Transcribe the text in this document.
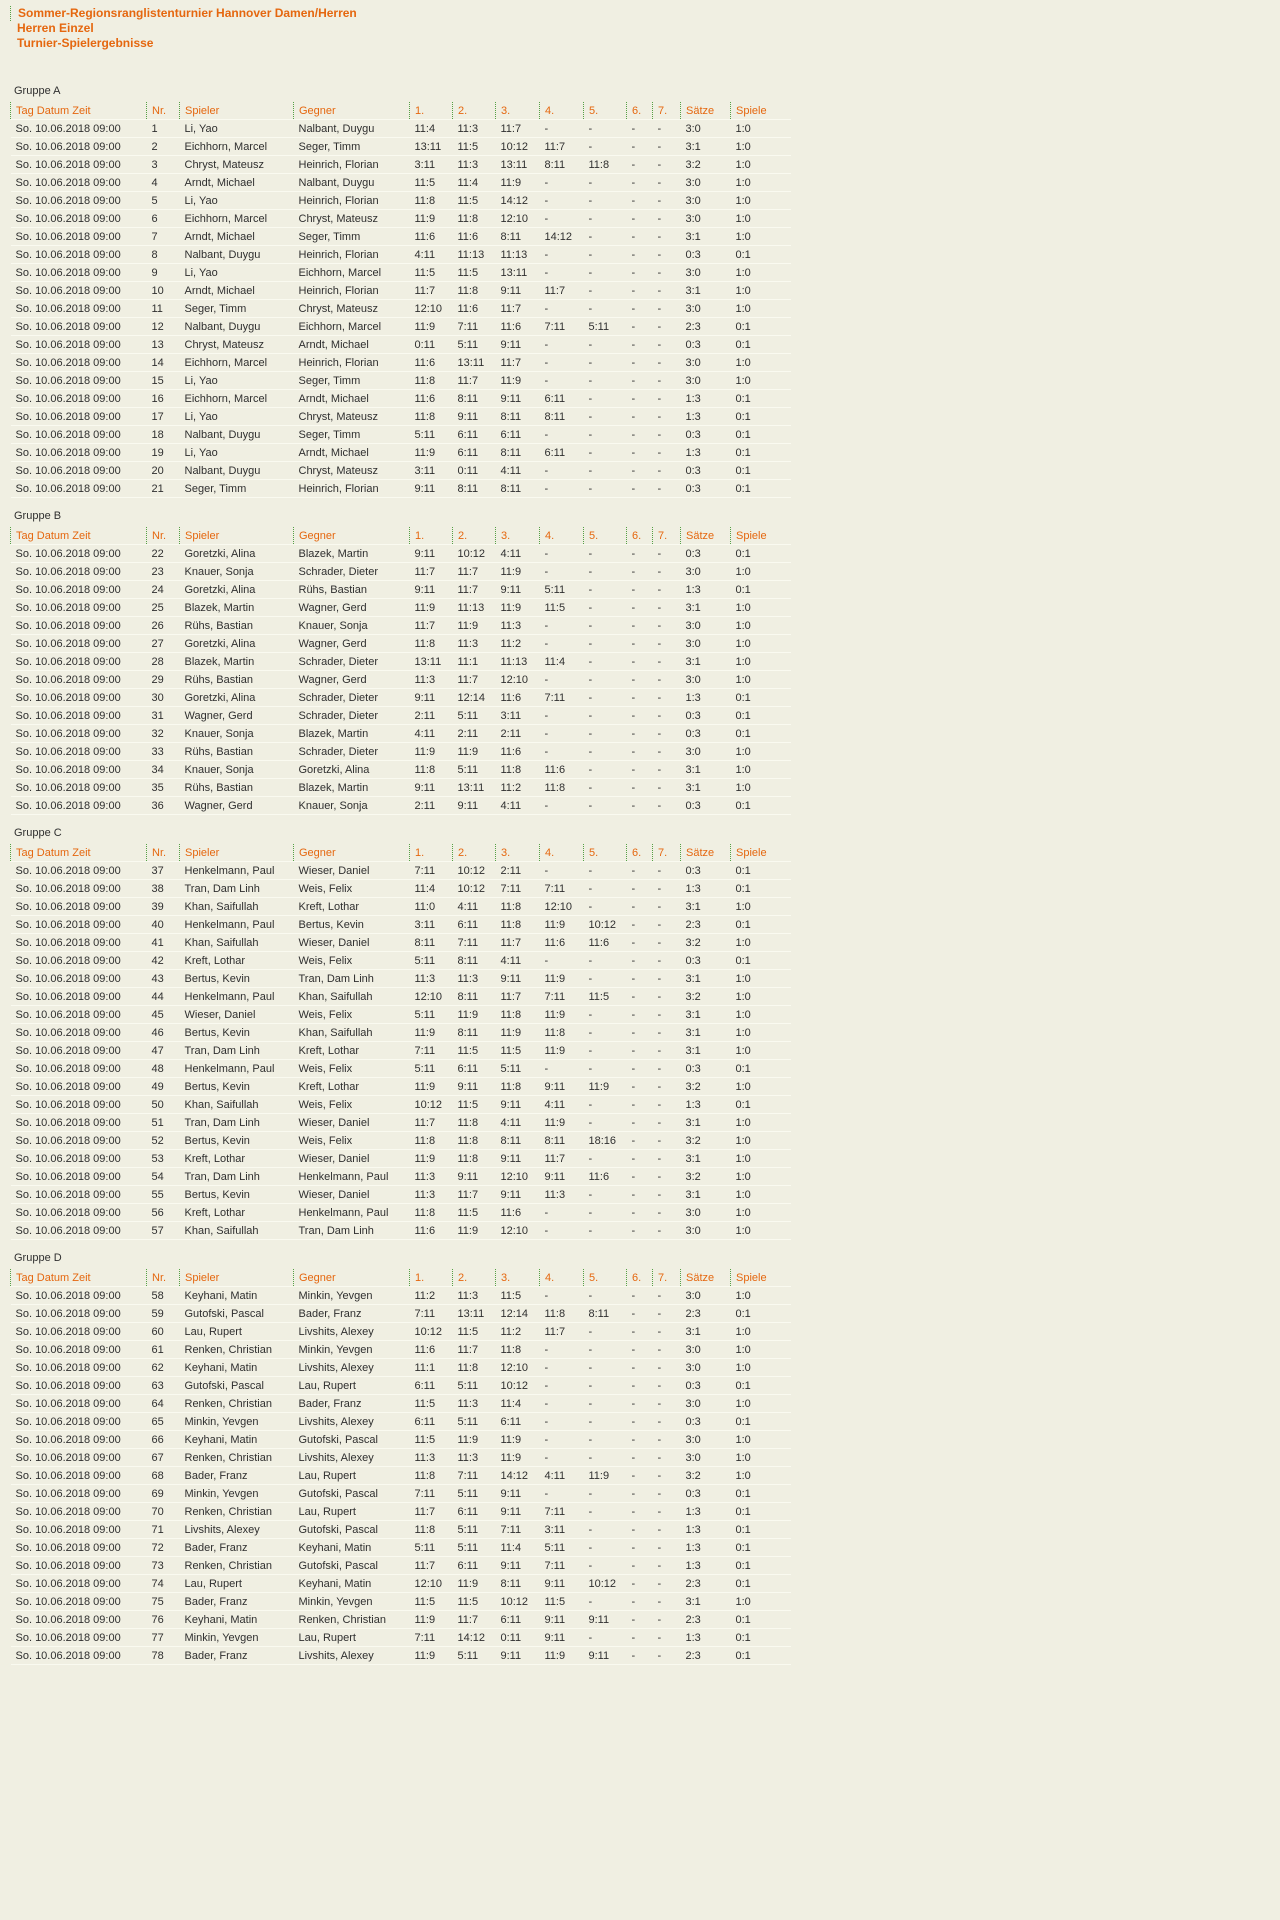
Sommer-Regionsranglistenturnier Hannover Damen/Herren
Herren Einzel
Turnier-Spielergebnisse
Gruppe A
Tag Datum Zeit	Nr.	Spieler	Gegner	1.	2.	3.	4.	5.	6.	7.	Sätze	Spiele
So. 10.06.2018 09:00	1	Li, Yao	Nalbant, Duygu	11:4	11:3	11:7	-	-	-	-	3:0	1:0
So. 10.06.2018 09:00	2	Eichhorn, Marcel	Seger, Timm	13:11	11:5	10:12	11:7	-	-	-	3:1	1:0
So. 10.06.2018 09:00	3	Chryst, Mateusz	Heinrich, Florian	3:11	11:3	13:11	8:11	11:8	-	-	3:2	1:0
So. 10.06.2018 09:00	4	Arndt, Michael	Nalbant, Duygu	11:5	11:4	11:9	-	-	-	-	3:0	1:0
So. 10.06.2018 09:00	5	Li, Yao	Heinrich, Florian	11:8	11:5	14:12	-	-	-	-	3:0	1:0
So. 10.06.2018 09:00	6	Eichhorn, Marcel	Chryst, Mateusz	11:9	11:8	12:10	-	-	-	-	3:0	1:0
So. 10.06.2018 09:00	7	Arndt, Michael	Seger, Timm	11:6	11:6	8:11	14:12	-	-	-	3:1	1:0
So. 10.06.2018 09:00	8	Nalbant, Duygu	Heinrich, Florian	4:11	11:13	11:13	-	-	-	-	0:3	0:1
So. 10.06.2018 09:00	9	Li, Yao	Eichhorn, Marcel	11:5	11:5	13:11	-	-	-	-	3:0	1:0
So. 10.06.2018 09:00	10	Arndt, Michael	Heinrich, Florian	11:7	11:8	9:11	11:7	-	-	-	3:1	1:0
So. 10.06.2018 09:00	11	Seger, Timm	Chryst, Mateusz	12:10	11:6	11:7	-	-	-	-	3:0	1:0
So. 10.06.2018 09:00	12	Nalbant, Duygu	Eichhorn, Marcel	11:9	7:11	11:6	7:11	5:11	-	-	2:3	0:1
So. 10.06.2018 09:00	13	Chryst, Mateusz	Arndt, Michael	0:11	5:11	9:11	-	-	-	-	0:3	0:1
So. 10.06.2018 09:00	14	Eichhorn, Marcel	Heinrich, Florian	11:6	13:11	11:7	-	-	-	-	3:0	1:0
So. 10.06.2018 09:00	15	Li, Yao	Seger, Timm	11:8	11:7	11:9	-	-	-	-	3:0	1:0
So. 10.06.2018 09:00	16	Eichhorn, Marcel	Arndt, Michael	11:6	8:11	9:11	6:11	-	-	-	1:3	0:1
So. 10.06.2018 09:00	17	Li, Yao	Chryst, Mateusz	11:8	9:11	8:11	8:11	-	-	-	1:3	0:1
So. 10.06.2018 09:00	18	Nalbant, Duygu	Seger, Timm	5:11	6:11	6:11	-	-	-	-	0:3	0:1
So. 10.06.2018 09:00	19	Li, Yao	Arndt, Michael	11:9	6:11	8:11	6:11	-	-	-	1:3	0:1
So. 10.06.2018 09:00	20	Nalbant, Duygu	Chryst, Mateusz	3:11	0:11	4:11	-	-	-	-	0:3	0:1
So. 10.06.2018 09:00	21	Seger, Timm	Heinrich, Florian	9:11	8:11	8:11	-	-	-	-	0:3	0:1
Gruppe B
Tag Datum Zeit	Nr.	Spieler	Gegner	1.	2.	3.	4.	5.	6.	7.	Sätze	Spiele
So. 10.06.2018 09:00	22	Goretzki, Alina	Blazek, Martin	9:11	10:12	4:11	-	-	-	-	0:3	0:1
So. 10.06.2018 09:00	23	Knauer, Sonja	Schrader, Dieter	11:7	11:7	11:9	-	-	-	-	3:0	1:0
So. 10.06.2018 09:00	24	Goretzki, Alina	Rühs, Bastian	9:11	11:7	9:11	5:11	-	-	-	1:3	0:1
So. 10.06.2018 09:00	25	Blazek, Martin	Wagner, Gerd	11:9	11:13	11:9	11:5	-	-	-	3:1	1:0
So. 10.06.2018 09:00	26	Rühs, Bastian	Knauer, Sonja	11:7	11:9	11:3	-	-	-	-	3:0	1:0
So. 10.06.2018 09:00	27	Goretzki, Alina	Wagner, Gerd	11:8	11:3	11:2	-	-	-	-	3:0	1:0
So. 10.06.2018 09:00	28	Blazek, Martin	Schrader, Dieter	13:11	11:1	11:13	11:4	-	-	-	3:1	1:0
So. 10.06.2018 09:00	29	Rühs, Bastian	Wagner, Gerd	11:3	11:7	12:10	-	-	-	-	3:0	1:0
So. 10.06.2018 09:00	30	Goretzki, Alina	Schrader, Dieter	9:11	12:14	11:6	7:11	-	-	-	1:3	0:1
So. 10.06.2018 09:00	31	Wagner, Gerd	Schrader, Dieter	2:11	5:11	3:11	-	-	-	-	0:3	0:1
So. 10.06.2018 09:00	32	Knauer, Sonja	Blazek, Martin	4:11	2:11	2:11	-	-	-	-	0:3	0:1
So. 10.06.2018 09:00	33	Rühs, Bastian	Schrader, Dieter	11:9	11:9	11:6	-	-	-	-	3:0	1:0
So. 10.06.2018 09:00	34	Knauer, Sonja	Goretzki, Alina	11:8	5:11	11:8	11:6	-	-	-	3:1	1:0
So. 10.06.2018 09:00	35	Rühs, Bastian	Blazek, Martin	9:11	13:11	11:2	11:8	-	-	-	3:1	1:0
So. 10.06.2018 09:00	36	Wagner, Gerd	Knauer, Sonja	2:11	9:11	4:11	-	-	-	-	0:3	0:1
Gruppe C
Tag Datum Zeit	Nr.	Spieler	Gegner	1.	2.	3.	4.	5.	6.	7.	Sätze	Spiele
So. 10.06.2018 09:00	37	Henkelmann, Paul	Wieser, Daniel	7:11	10:12	2:11	-	-	-	-	0:3	0:1
So. 10.06.2018 09:00	38	Tran, Dam Linh	Weis, Felix	11:4	10:12	7:11	7:11	-	-	-	1:3	0:1
So. 10.06.2018 09:00	39	Khan, Saifullah	Kreft, Lothar	11:0	4:11	11:8	12:10	-	-	-	3:1	1:0
So. 10.06.2018 09:00	40	Henkelmann, Paul	Bertus, Kevin	3:11	6:11	11:8	11:9	10:12	-	-	2:3	0:1
So. 10.06.2018 09:00	41	Khan, Saifullah	Wieser, Daniel	8:11	7:11	11:7	11:6	11:6	-	-	3:2	1:0
So. 10.06.2018 09:00	42	Kreft, Lothar	Weis, Felix	5:11	8:11	4:11	-	-	-	-	0:3	0:1
So. 10.06.2018 09:00	43	Bertus, Kevin	Tran, Dam Linh	11:3	11:3	9:11	11:9	-	-	-	3:1	1:0
So. 10.06.2018 09:00	44	Henkelmann, Paul	Khan, Saifullah	12:10	8:11	11:7	7:11	11:5	-	-	3:2	1:0
So. 10.06.2018 09:00	45	Wieser, Daniel	Weis, Felix	5:11	11:9	11:8	11:9	-	-	-	3:1	1:0
So. 10.06.2018 09:00	46	Bertus, Kevin	Khan, Saifullah	11:9	8:11	11:9	11:8	-	-	-	3:1	1:0
So. 10.06.2018 09:00	47	Tran, Dam Linh	Kreft, Lothar	7:11	11:5	11:5	11:9	-	-	-	3:1	1:0
So. 10.06.2018 09:00	48	Henkelmann, Paul	Weis, Felix	5:11	6:11	5:11	-	-	-	-	0:3	0:1
So. 10.06.2018 09:00	49	Bertus, Kevin	Kreft, Lothar	11:9	9:11	11:8	9:11	11:9	-	-	3:2	1:0
So. 10.06.2018 09:00	50	Khan, Saifullah	Weis, Felix	10:12	11:5	9:11	4:11	-	-	-	1:3	0:1
So. 10.06.2018 09:00	51	Tran, Dam Linh	Wieser, Daniel	11:7	11:8	4:11	11:9	-	-	-	3:1	1:0
So. 10.06.2018 09:00	52	Bertus, Kevin	Weis, Felix	11:8	11:8	8:11	8:11	18:16	-	-	3:2	1:0
So. 10.06.2018 09:00	53	Kreft, Lothar	Wieser, Daniel	11:9	11:8	9:11	11:7	-	-	-	3:1	1:0
So. 10.06.2018 09:00	54	Tran, Dam Linh	Henkelmann, Paul	11:3	9:11	12:10	9:11	11:6	-	-	3:2	1:0
So. 10.06.2018 09:00	55	Bertus, Kevin	Wieser, Daniel	11:3	11:7	9:11	11:3	-	-	-	3:1	1:0
So. 10.06.2018 09:00	56	Kreft, Lothar	Henkelmann, Paul	11:8	11:5	11:6	-	-	-	-	3:0	1:0
So. 10.06.2018 09:00	57	Khan, Saifullah	Tran, Dam Linh	11:6	11:9	12:10	-	-	-	-	3:0	1:0
Gruppe D
Tag Datum Zeit	Nr.	Spieler	Gegner	1.	2.	3.	4.	5.	6.	7.	Sätze	Spiele
So. 10.06.2018 09:00	58	Keyhani, Matin	Minkin, Yevgen	11:2	11:3	11:5	-	-	-	-	3:0	1:0
So. 10.06.2018 09:00	59	Gutofski, Pascal	Bader, Franz	7:11	13:11	12:14	11:8	8:11	-	-	2:3	0:1
So. 10.06.2018 09:00	60	Lau, Rupert	Livshits, Alexey	10:12	11:5	11:2	11:7	-	-	-	3:1	1:0
So. 10.06.2018 09:00	61	Renken, Christian	Minkin, Yevgen	11:6	11:7	11:8	-	-	-	-	3:0	1:0
So. 10.06.2018 09:00	62	Keyhani, Matin	Livshits, Alexey	11:1	11:8	12:10	-	-	-	-	3:0	1:0
So. 10.06.2018 09:00	63	Gutofski, Pascal	Lau, Rupert	6:11	5:11	10:12	-	-	-	-	0:3	0:1
So. 10.06.2018 09:00	64	Renken, Christian	Bader, Franz	11:5	11:3	11:4	-	-	-	-	3:0	1:0
So. 10.06.2018 09:00	65	Minkin, Yevgen	Livshits, Alexey	6:11	5:11	6:11	-	-	-	-	0:3	0:1
So. 10.06.2018 09:00	66	Keyhani, Matin	Gutofski, Pascal	11:5	11:9	11:9	-	-	-	-	3:0	1:0
So. 10.06.2018 09:00	67	Renken, Christian	Livshits, Alexey	11:3	11:3	11:9	-	-	-	-	3:0	1:0
So. 10.06.2018 09:00	68	Bader, Franz	Lau, Rupert	11:8	7:11	14:12	4:11	11:9	-	-	3:2	1:0
So. 10.06.2018 09:00	69	Minkin, Yevgen	Gutofski, Pascal	7:11	5:11	9:11	-	-	-	-	0:3	0:1
So. 10.06.2018 09:00	70	Renken, Christian	Lau, Rupert	11:7	6:11	9:11	7:11	-	-	-	1:3	0:1
So. 10.06.2018 09:00	71	Livshits, Alexey	Gutofski, Pascal	11:8	5:11	7:11	3:11	-	-	-	1:3	0:1
So. 10.06.2018 09:00	72	Bader, Franz	Keyhani, Matin	5:11	5:11	11:4	5:11	-	-	-	1:3	0:1
So. 10.06.2018 09:00	73	Renken, Christian	Gutofski, Pascal	11:7	6:11	9:11	7:11	-	-	-	1:3	0:1
So. 10.06.2018 09:00	74	Lau, Rupert	Keyhani, Matin	12:10	11:9	8:11	9:11	10:12	-	-	2:3	0:1
So. 10.06.2018 09:00	75	Bader, Franz	Minkin, Yevgen	11:5	11:5	10:12	11:5	-	-	-	3:1	1:0
So. 10.06.2018 09:00	76	Keyhani, Matin	Renken, Christian	11:9	11:7	6:11	9:11	9:11	-	-	2:3	0:1
So. 10.06.2018 09:00	77	Minkin, Yevgen	Lau, Rupert	7:11	14:12	0:11	9:11	-	-	-	1:3	0:1
So. 10.06.2018 09:00	78	Bader, Franz	Livshits, Alexey	11:9	5:11	9:11	11:9	9:11	-	-	2:3	0:1
